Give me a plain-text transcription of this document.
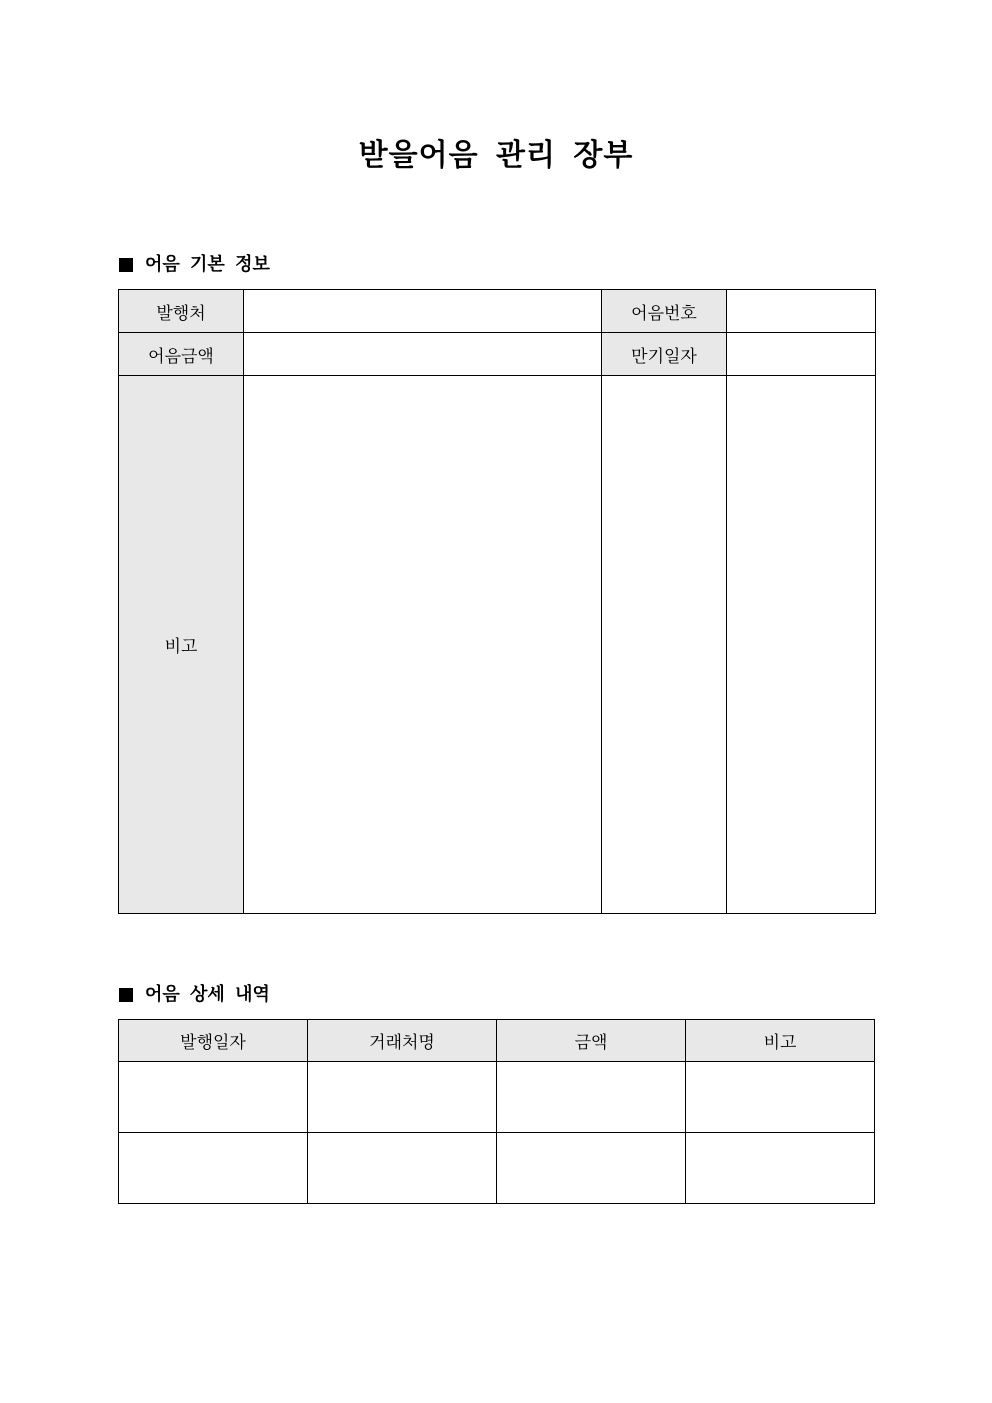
받을어음 관리 장부
어음 기본 정보
발행처		어음번호	
어음금액		만기일자	
비고			
어음 상세 내역
발행일자	거래처명	금액	비고
